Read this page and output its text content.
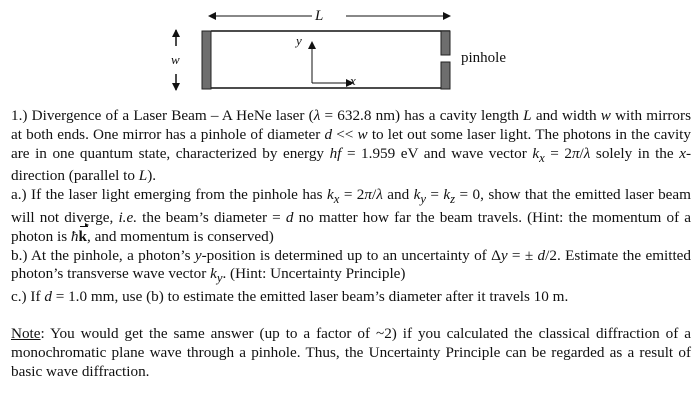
L
w	pinhole
y
x

1.) Divergence of a Laser Beam – A HeNe laser (λ = 632.8 nm) has a cavity length L and width w with mirrors at both ends. One mirror has a pinhole of diameter d << w to let out some laser light. The photons in the cavity are in one quantum state, characterized by energy hf = 1.959 eV and wave vector $k_x = 2\pi/\lambda$ solely in the x-direction (parallel to L).

a.) If the laser light emerging from the pinhole has $k_x = 2\pi/\lambda$ and $k_y = k_z = 0$, show that the emitted laser beam will not diverge, i.e. the beam’s diameter = d no matter how far the beam travels. (Hint: the momentum of a photon is ħk, and momentum is conserved)

b.) At the pinhole, a photon’s y-position is determined up to an uncertainty of Δy = ± d/2. Estimate the emitted photon’s transverse wave vector $k_y$. (Hint: Uncertainty Principle)

c.) If d = 1.0 mm, use (b) to estimate the emitted laser beam’s diameter after it travels 10 m.

Note: You would get the same answer (up to a factor of ~2) if you calculated the classical diffraction of a monochromatic plane wave through a pinhole. Thus, the Uncertainty Principle can be regarded as a result of basic wave diffraction.
